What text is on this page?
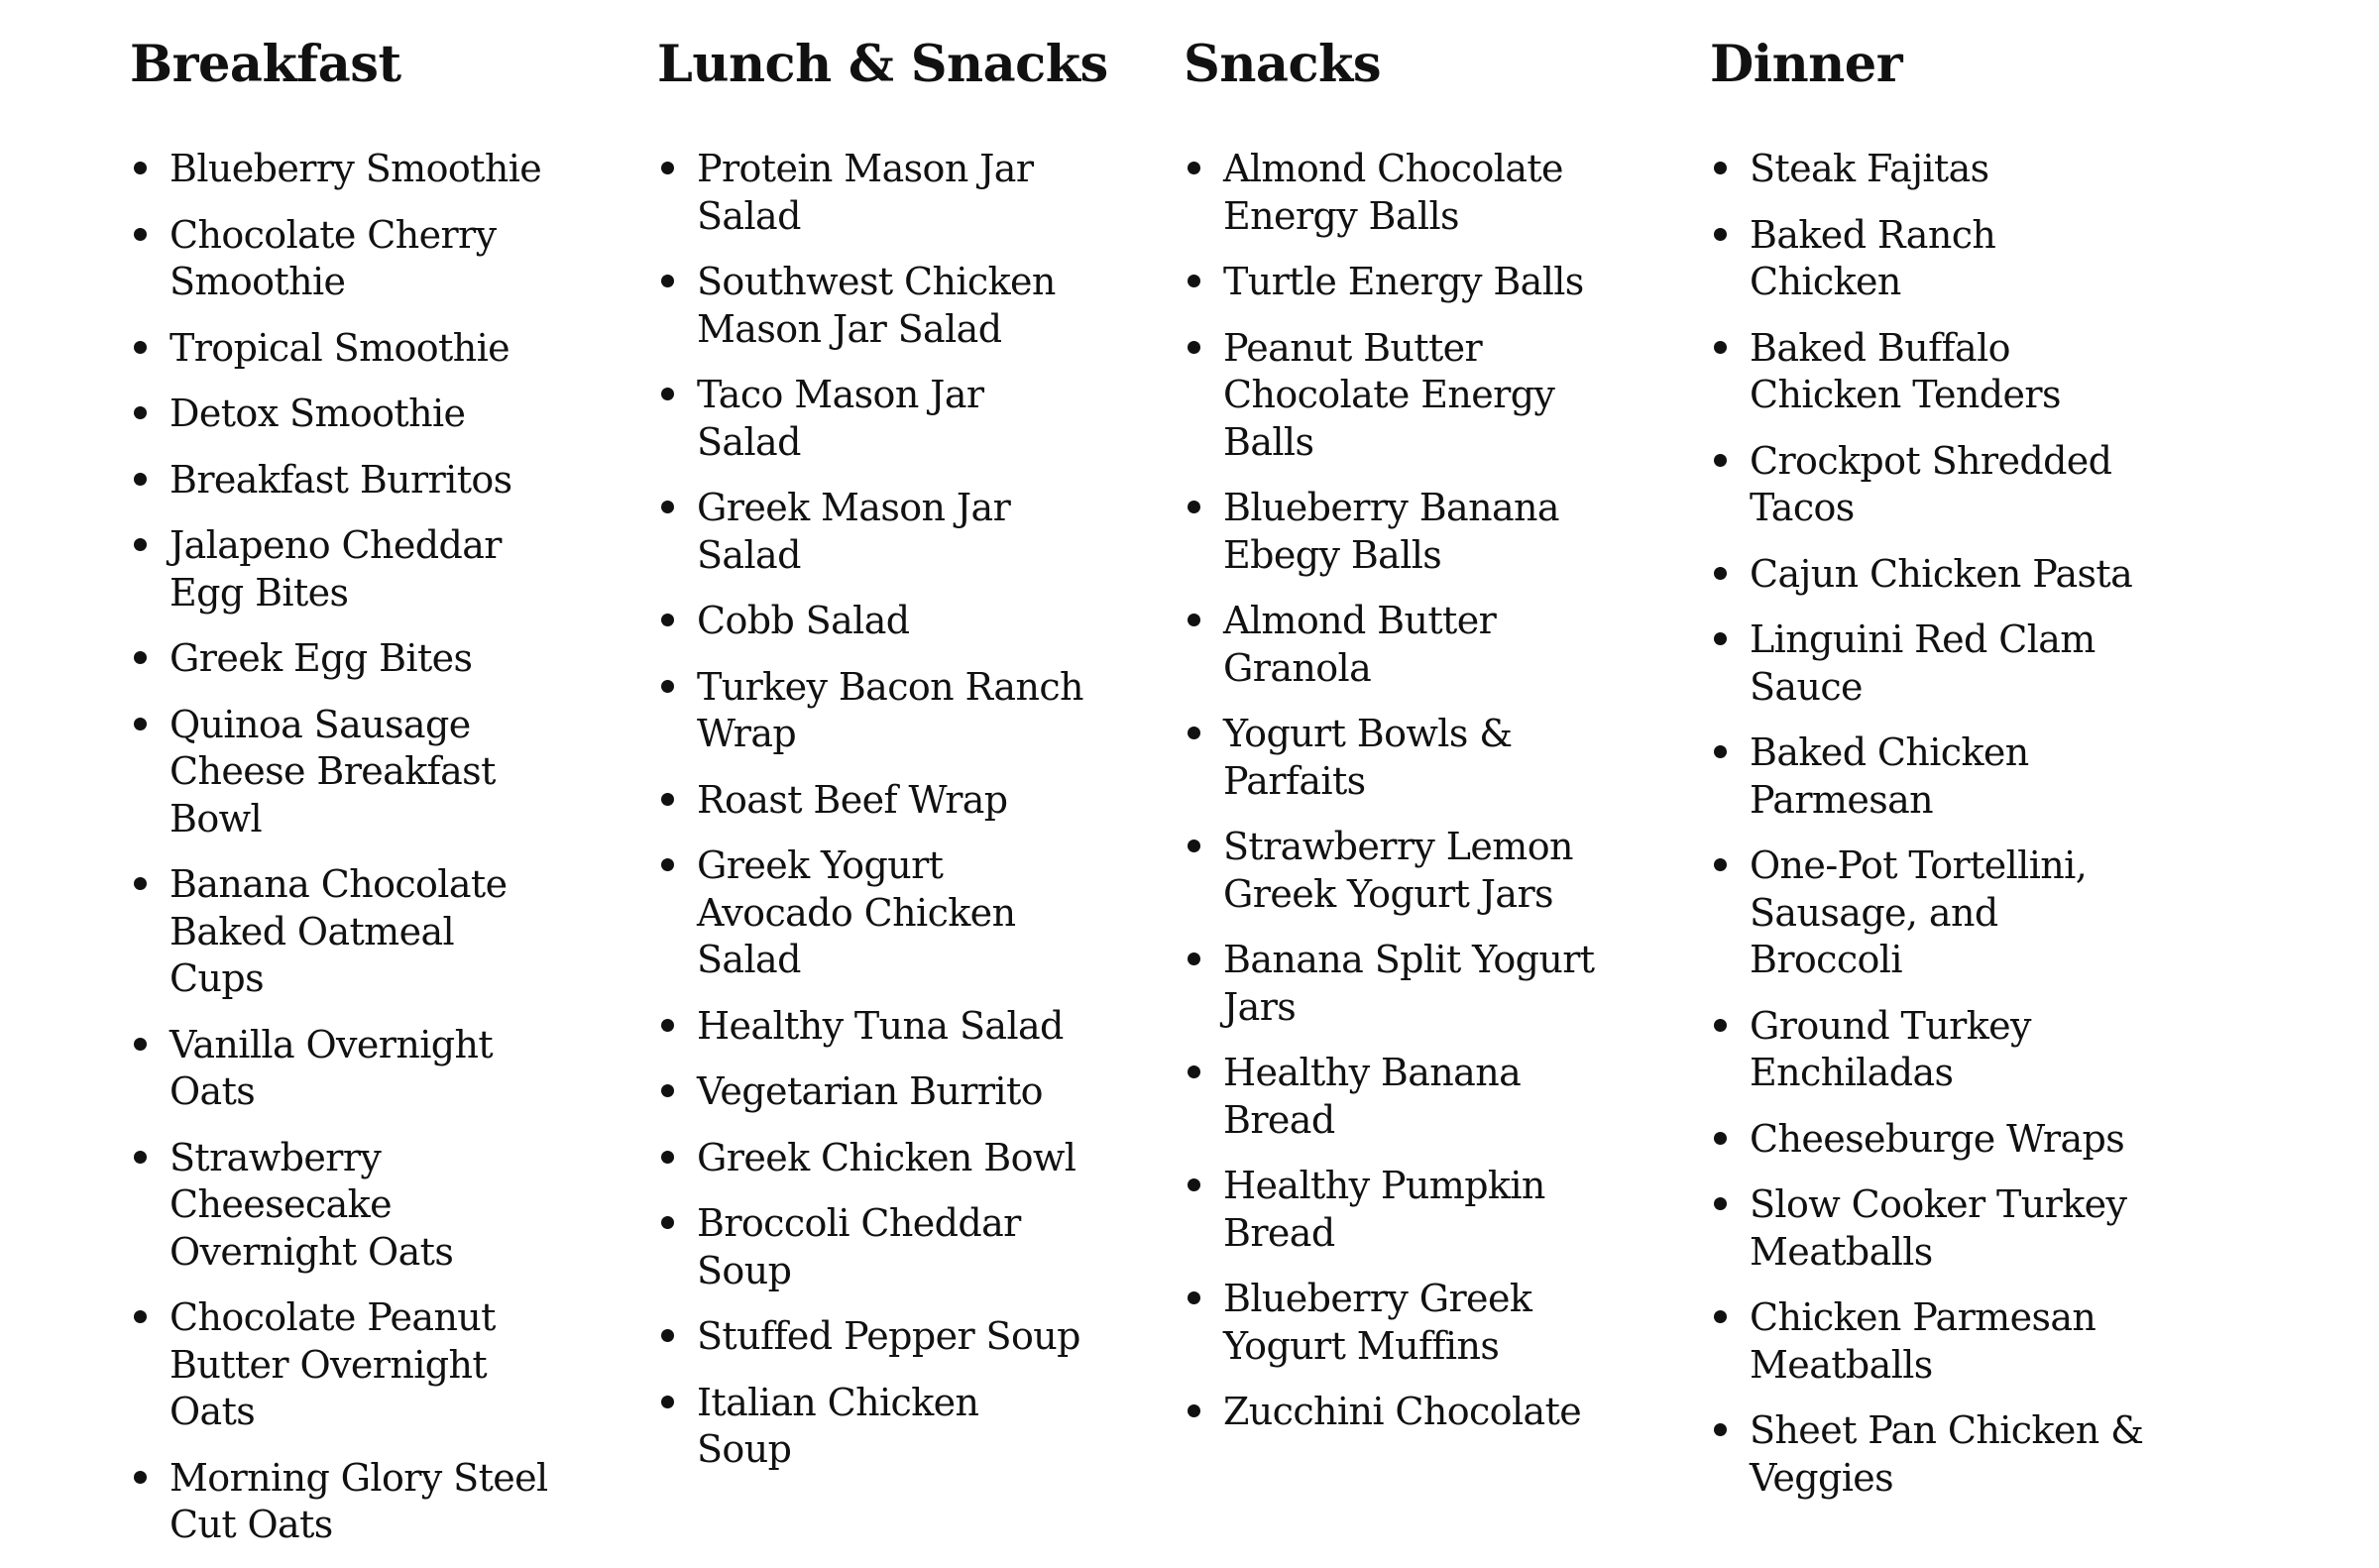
Breakfast
Blueberry Smoothie
Chocolate Cherry Smoothie
Tropical Smoothie
Detox Smoothie
Breakfast Burritos
Jalapeno Cheddar Egg Bites
Greek Egg Bites
Quinoa Sausage Cheese Breakfast Bowl
Banana Chocolate Baked Oatmeal Cups
Vanilla Overnight Oats
Strawberry Cheesecake Overnight Oats
Chocolate Peanut Butter Overnight Oats
Morning Glory Steel Cut Oats
Lunch & Snacks
Protein Mason Jar Salad
Southwest Chicken Mason Jar Salad
Taco Mason Jar Salad
Greek Mason Jar Salad
Cobb Salad
Turkey Bacon Ranch Wrap
Roast Beef Wrap
Greek Yogurt Avocado Chicken Salad
Healthy Tuna Salad
Vegetarian Burrito
Greek Chicken Bowl
Broccoli Cheddar Soup
Stuffed Pepper Soup
Italian Chicken Soup
Snacks
Almond Chocolate Energy Balls
Turtle Energy Balls
Peanut Butter Chocolate Energy Balls
Blueberry Banana Ebegy Balls
Almond Butter Granola
Yogurt Bowls & Parfaits
Strawberry Lemon Greek Yogurt Jars
Banana Split Yogurt Jars
Healthy Banana Bread
Healthy Pumpkin Bread
Blueberry Greek Yogurt Muffins
Zucchini Chocolate
Dinner
Steak Fajitas
Baked Ranch Chicken
Baked Buffalo Chicken Tenders
Crockpot Shredded Tacos
Cajun Chicken Pasta
Linguini Red Clam Sauce
Baked Chicken Parmesan
One-Pot Tortellini, Sausage, and Broccoli
Ground Turkey Enchiladas
Cheeseburge Wraps
Slow Cooker Turkey Meatballs
Chicken Parmesan Meatballs
Sheet Pan Chicken & Veggies
